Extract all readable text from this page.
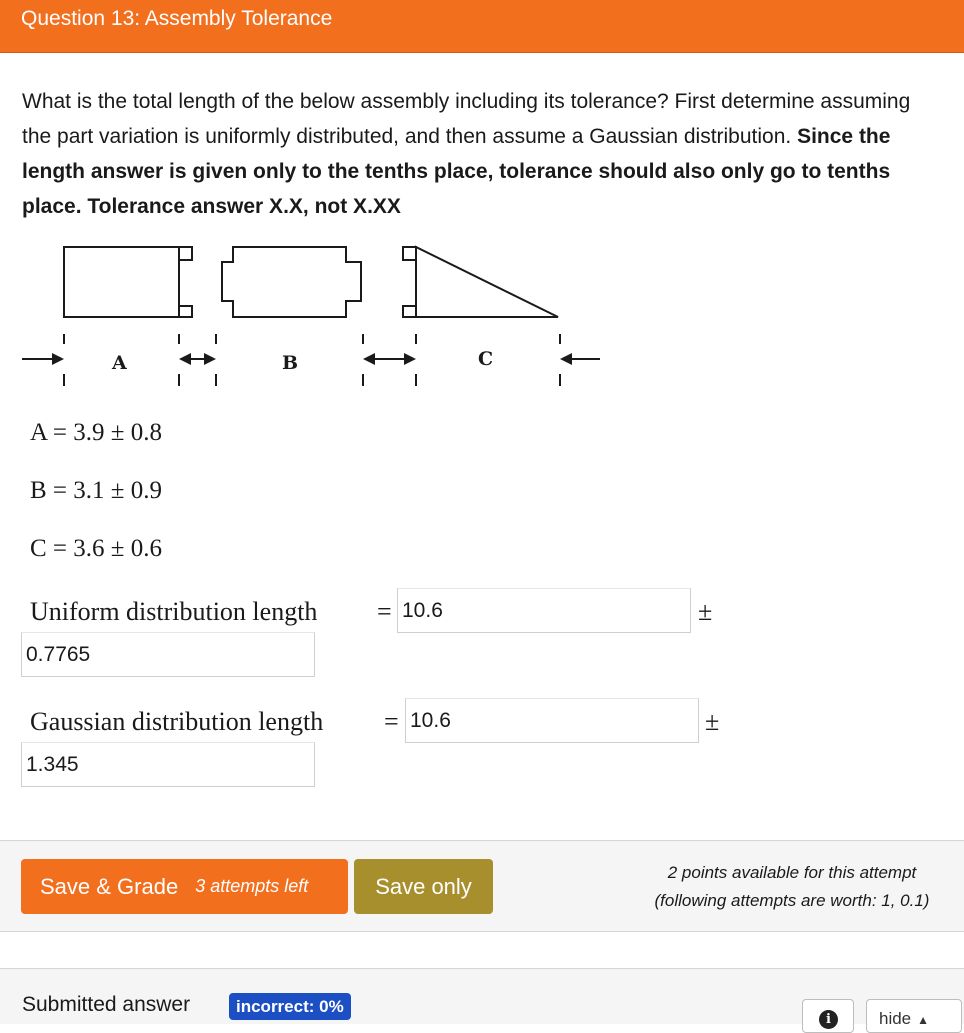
Question 13: Assembly Tolerance
What is the total length of the below assembly including its tolerance? First determine assuming the part variation is uniformly distributed, and then assume a Gaussian distribution. Since the length answer is given only to the tenths place, tolerance should also only go to tenths place. Tolerance answer X.X, not X.XX
A	B	C
A = 3.9 ± 0.8
B = 3.1 ± 0.9
C = 3.6 ± 0.6
Uniform distribution length = 10.6	±
0.7765
Gaussian distribution length = 10.6	±
1.345
Save & Grade 3 attempts left	Save only
2 points available for this attempt
(following attempts are worth: 1, 0.1)
Submitted answer	incorrect: 0%
i	hide ▲
